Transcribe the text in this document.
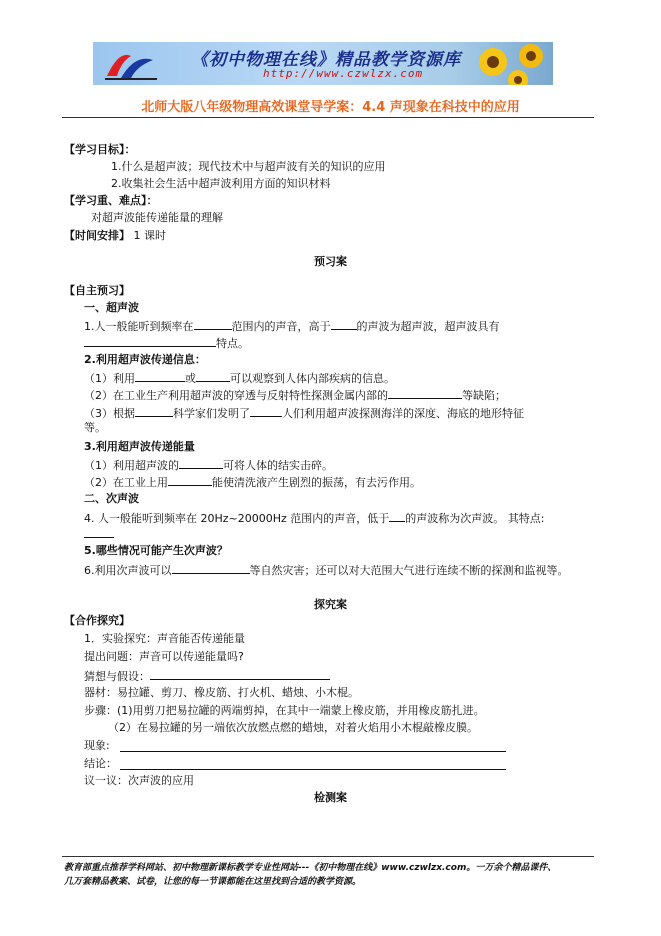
《初中物理在线》精品教学资源库
http://www.czwlzx.com
北师大版八年级物理高效课堂导学案：4.4 声现象在科技中的应用
【学习目标】：
1.什么是超声波；现代技术中与超声波有关的知识的应用
2.收集社会生活中超声波利用方面的知识材料
【学习重、难点】：
对超声波能传递能量的理解
【时间安排】 1 课时
预习案
【自主预习】
一、超声波
1.人一般能听到频率在	范围内的声音，高于 的声波为超声波，超声波具有
特点。
2.利用超声波传递信息：
（1）利用	或	可以观察到人体内部疾病的信息。
（2）在工业生产利用超声波的穿透与反射特性探测金属内部的	等缺陷；
（3）根据	科学家们发明了	人们利用超声波探测海洋的深度、海底的地形特征
等。
3.利用超声波传递能量
（1）利用超声波的	可将人体的结实击碎。
（2）在工业上用	能使清洗液产生剧烈的振荡，有去污作用。
二、次声波
4. 人一般能听到频率在 20Hz~20000Hz 范围内的声音，低于 的声波称为次声波。 其特点:
5.哪些情况可能产生次声波？
6.利用次声波可以	等自然灾害；还可以对大范围大气进行连续不断的探测和监视等。
探究案
【合作探究】
1．实验探究：声音能否传递能量
提出问题：声音可以传递能量吗?
猜想与假设：
器材：易拉罐、剪刀、橡皮筋、打火机、蜡烛、小木棍。
步骤：(1)用剪刀把易拉罐的两端剪掉，在其中一端蒙上橡皮筋，并用橡皮筋扎进。
（2）在易拉罐的另一端依次放燃点燃的蜡烛，对着火焰用小木棍敲橡皮膜。
现象:
结论：
议一议：次声波的应用
检测案
教育部重点推荐学科网站、初中物理新课标教学专业性网站---《初中物理在线》www.czwlzx.com。一万余个精品课件、
几万套精品教案、试卷，让您的每一节课都能在这里找到合适的教学资源。
